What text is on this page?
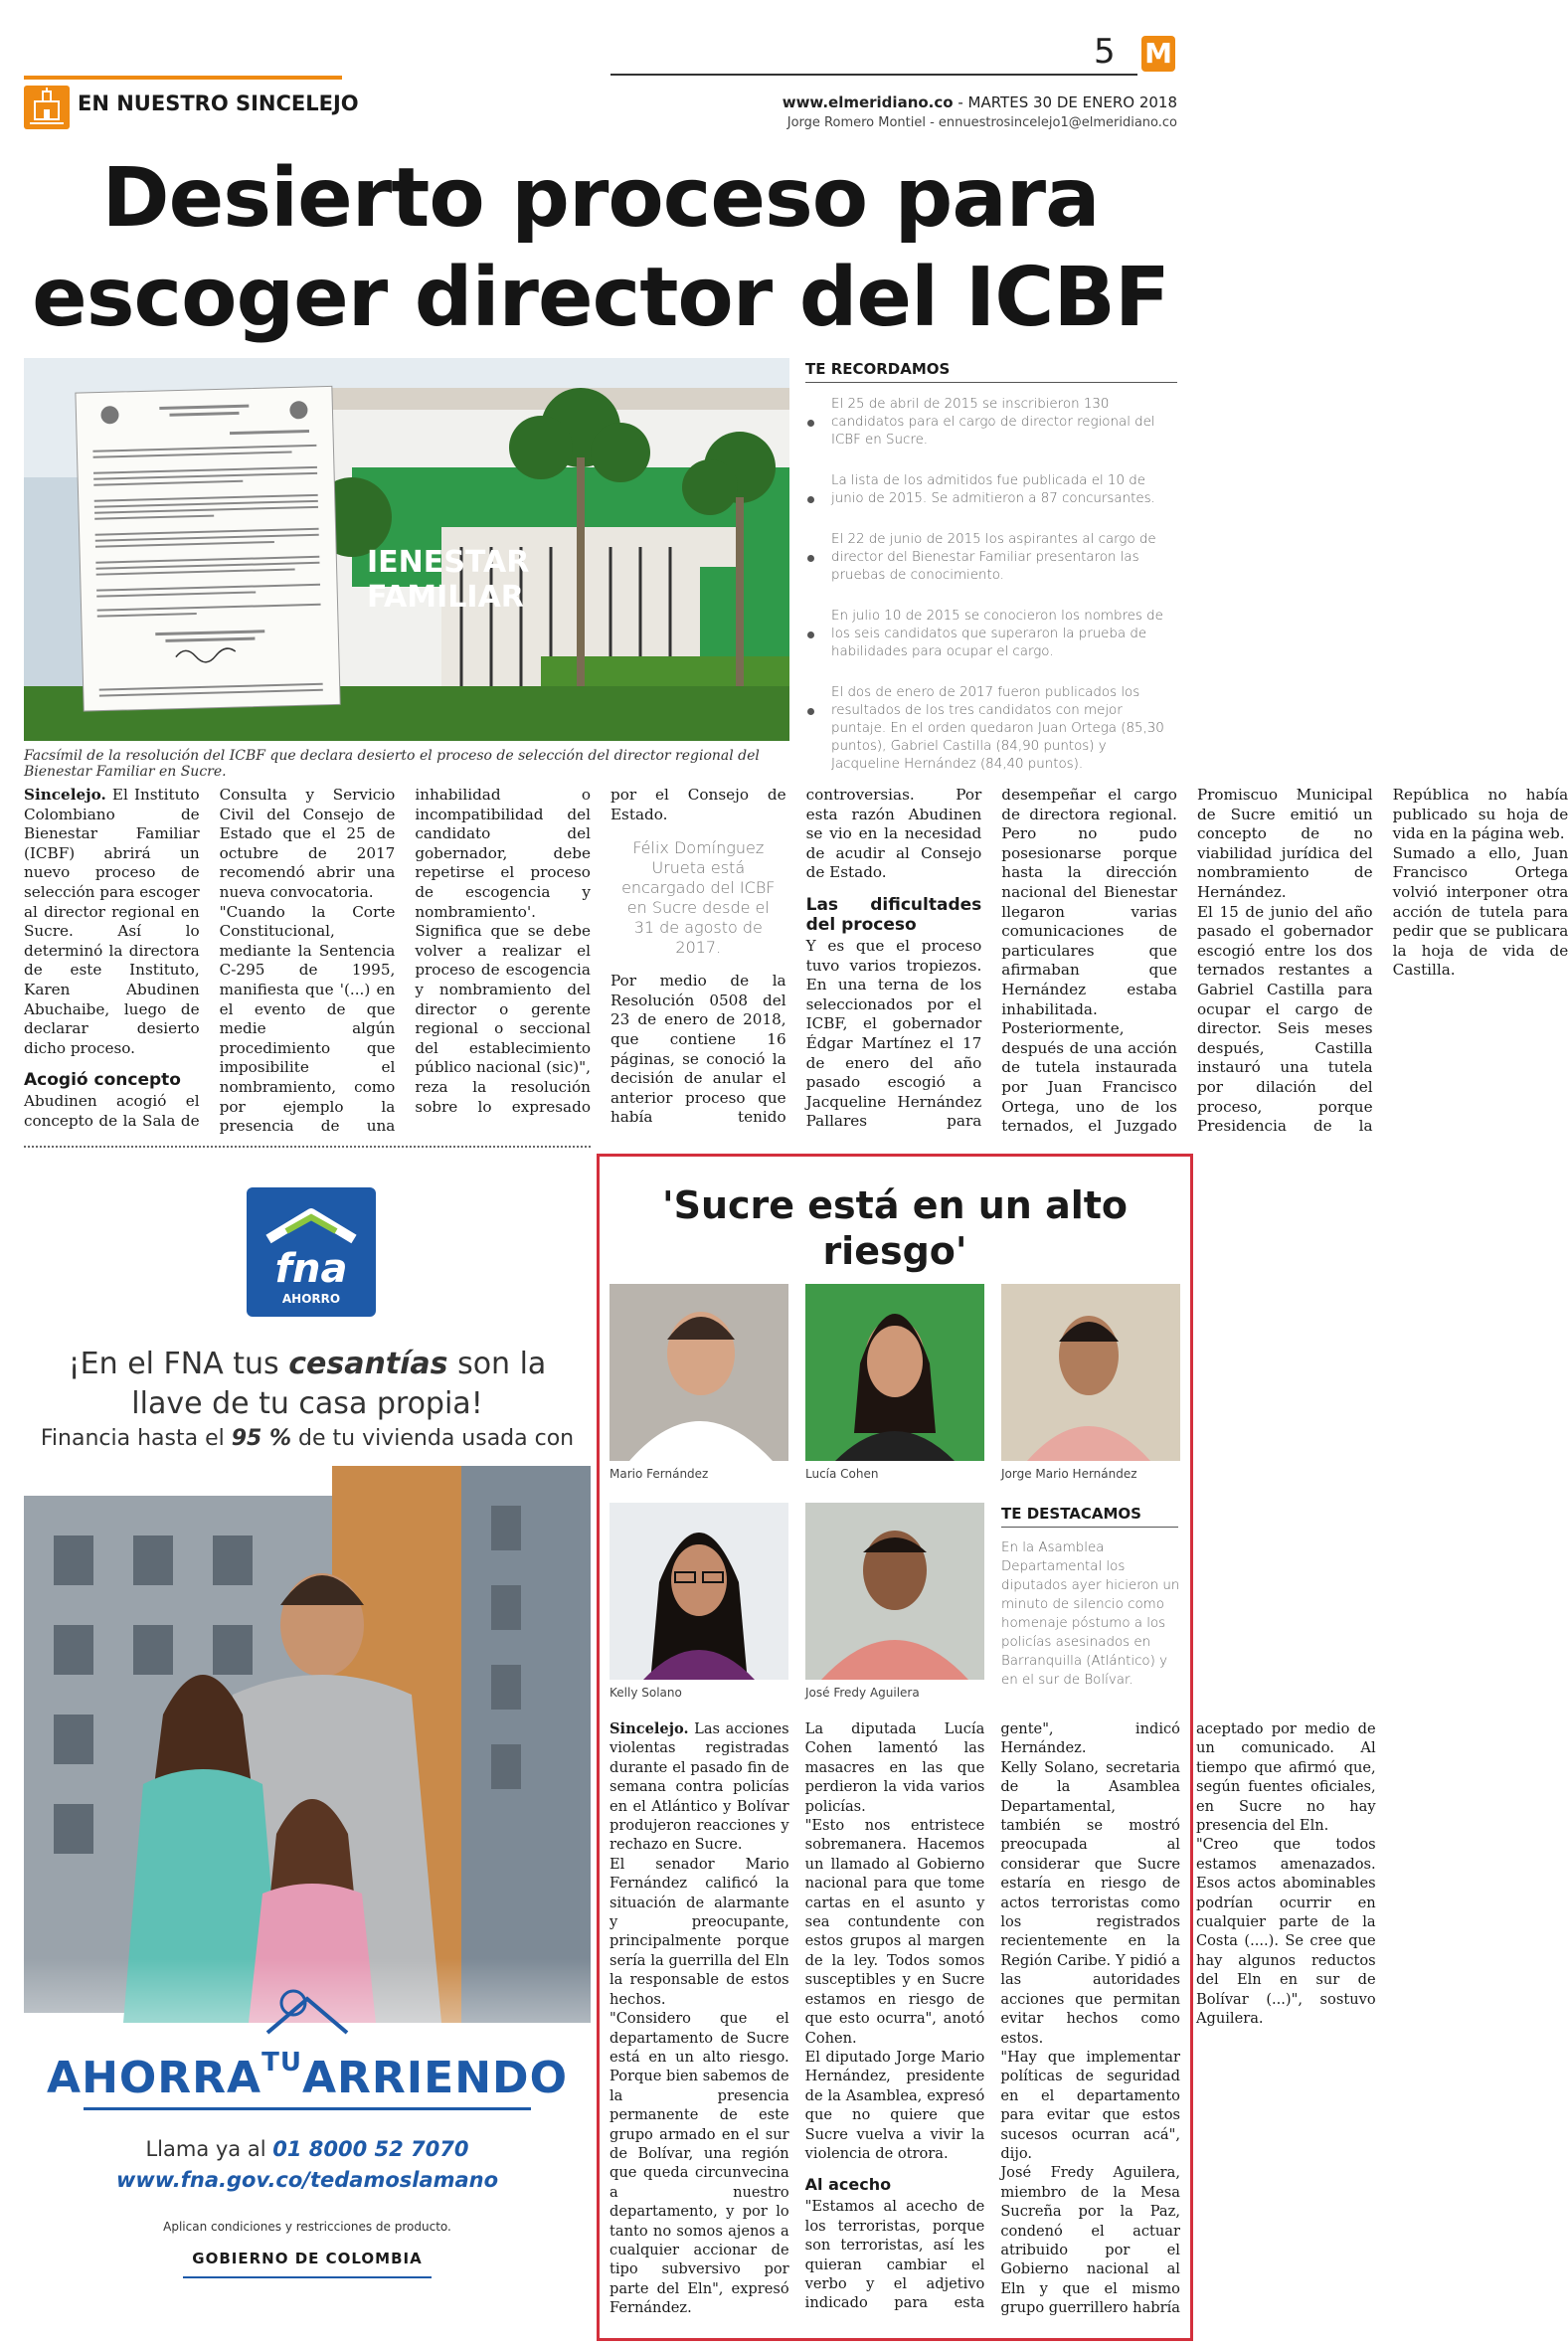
5 M
EN NUESTRO SINCELEJO	www.elmeridiano.co - MARTES 30 DE ENERO 2018
Jorge Romero Montiel - ennuestrosincelejo1@elmeridiano.co
Desierto proceso para escoger director del ICBF
IENESTAR
FAMILIAR

Facsímil de la resolución del ICBF que declara desierto el proceso de selección del director regional del Bienestar Familiar en Sucre.

TE RECORDAMOS
El 25 de abril de 2015 se inscribieron 130 candidatos para el cargo de director regional del ICBF en Sucre.
La lista de los admitidos fue publicada el 10 de junio de 2015. Se admitieron a 87 concursantes.
El 22 de junio de 2015 los aspirantes al cargo de director del Bienestar Familiar presentaron las pruebas de conocimiento.
En julio 10 de 2015 se conocieron los nombres de los seis candidatos que superaron la prueba de habilidades para ocupar el cargo.
El dos de enero de 2017 fueron publicados los resultados de los tres candidatos con mejor puntaje. En el orden quedaron Juan Ortega (85,30 puntos), Gabriel Castilla (84,90 puntos) y Jacqueline Hernández (84,40 puntos).

Sincelejo. El Instituto Colombiano de Bienestar Familiar (ICBF) abrirá un nuevo proceso de selección para escoger al director regional en Sucre. Así lo determinó la directora de este Instituto, Karen Abudinen Abuchaibe, luego de declarar desierto dicho proceso.

Acogió concepto

Abudinen acogió el concepto de la Sala de Consulta y Servicio Civil del Consejo de Estado que el 25 de octubre de 2017 recomendó abrir una nueva convocatoria.

"Cuando la Corte Constitucional, mediante la Sentencia C-295 de 1995, manifiesta que '(...) en el evento de que medie algún procedimiento que imposibilite el nombramiento, como por ejemplo la presencia de una inhabilidad o incompatibilidad del candidato del gobernador, debe repetirse el proceso de escogencia y nombramiento'. Significa que se debe volver a realizar el proceso de escogencia y nombramiento del director o gerente regional o seccional del establecimiento público nacional (sic)", reza la resolución sobre lo expresado por el Consejo de Estado.

Félix Domínguez Urueta está encargado del ICBF en Sucre desde el 31 de agosto de 2017.

Por medio de la Resolución 0508 del 23 de enero de 2018, que contiene 16 páginas, se conoció la decisión de anular el anterior proceso que había tenido controversias. Por esta razón Abudinen se vio en la necesidad de acudir al Consejo de Estado.

Las dificultades del proceso

Y es que el proceso tuvo varios tropiezos. En una terna de los seleccionados por el ICBF, el gobernador Édgar Martínez el 17 de enero del año pasado escogió a Jacqueline Hernández Pallares para desempeñar el cargo de directora regional. Pero no pudo posesionarse porque hasta la dirección nacional del Bienestar llegaron varias comunicaciones de particulares que afirmaban que Hernández estaba inhabilitada.

Posteriormente, después de una acción de tutela instaurada por Juan Francisco Ortega, uno de los ternados, el Juzgado Promiscuo Municipal de Sucre emitió un concepto de no viabilidad jurídica del nombramiento de Hernández.

El 15 de junio del año pasado el gobernador escogió entre los dos ternados restantes a Gabriel Castilla para ocupar el cargo de director. Seis meses después, Castilla instauró una tutela por dilación del proceso, porque Presidencia de la República no había publicado su hoja de vida en la página web.

Sumado a ello, Juan Francisco Ortega volvió interponer otra acción de tutela para pedir que se publicara la hoja de vida de Castilla.

fna
AHORRO
¡En el FNA tus cesantías son la
llave de tu casa propia!
Financia hasta el 95 % de tu vivienda usada con
$AHORRA^{TU}ARRIENDO$
Llama ya al 01 8000 52 7070
www.fna.gov.co/tedamoslamano
Aplican condiciones y restricciones de producto.
GOBIERNO DE COLOMBIA
'Sucre está en un alto riesgo'
Mario Fernández	Lucía Cohen	Jorge Mario Hernández
Kelly Solano	José Fredy Aguilera
TE DESTACAMOS
En la Asamblea Departamental los diputados ayer hicieron un minuto de silencio como homenaje póstumo a los policías asesinados en Barranquilla (Atlántico) y en el sur de Bolívar.

Sincelejo. Las acciones violentas registradas durante el pasado fin de semana contra policías en el Atlántico y Bolívar produjeron reacciones y rechazo en Sucre.

El senador Mario Fernández calificó la situación de alarmante y preocupante, principalmente porque sería la guerrilla del Eln la responsable de estos hechos.

"Considero que el departamento de Sucre está en un alto riesgo. Porque bien sabemos de la presencia permanente de este grupo armado en el sur de Bolívar, una región que queda circunvecina a nuestro departamento, y por lo tanto no somos ajenos a cualquier accionar de tipo subversivo por parte del Eln", expresó Fernández.

La diputada Lucía Cohen lamentó las masacres en las que perdieron la vida varios policías.

"Esto nos entristece sobremanera. Hacemos un llamado al Gobierno nacional para que tome cartas en el asunto y sea contundente con estos grupos al margen de la ley. Todos somos susceptibles y en Sucre estamos en riesgo de que esto ocurra", anotó Cohen.

El diputado Jorge Mario Hernández, presidente de la Asamblea, expresó que no quiere que Sucre vuelva a vivir la violencia de otrora.

Al acecho

"Estamos al acecho de los terroristas, porque son terroristas, así les quieran cambiar el verbo y el adjetivo indicado para esta gente", indicó Hernández.

Kelly Solano, secretaria de la Asamblea Departamental, también se mostró preocupada al considerar que Sucre estaría en riesgo de actos terroristas como los registrados recientemente en la Región Caribe. Y pidió a las autoridades acciones que permitan evitar hechos como estos.

"Hay que implementar políticas de seguridad en el departamento para evitar que estos sucesos ocurran acá", dijo.

José Fredy Aguilera, miembro de la Mesa Sucreña por la Paz, condenó el actuar atribuido por el Gobierno nacional al Eln y que el mismo grupo guerrillero habría aceptado por medio de un comunicado. Al tiempo que afirmó que, según fuentes oficiales, en Sucre no hay presencia del Eln.

"Creo que todos estamos amenazados. Esos actos abominables podrían ocurrir en cualquier parte de la Costa (....). Se cree que hay algunos reductos del Eln en sur de Bolívar (...)", sostuvo Aguilera.
